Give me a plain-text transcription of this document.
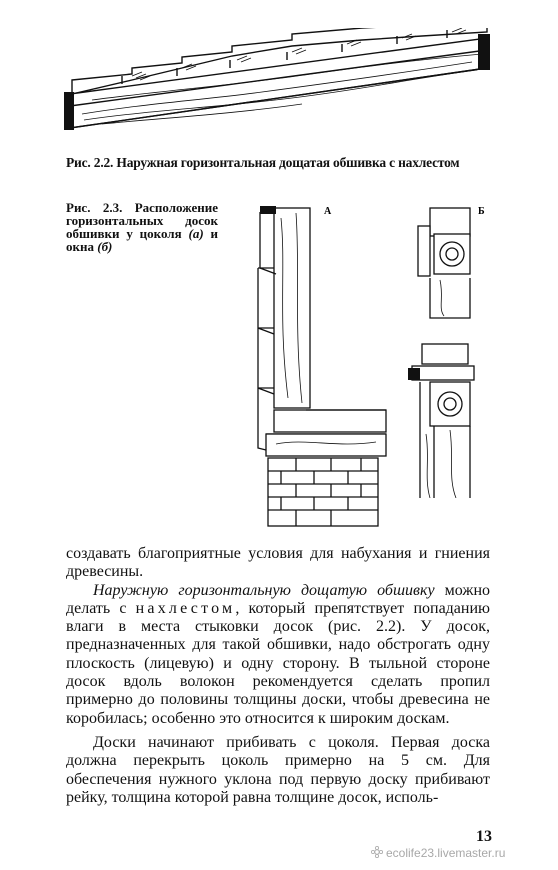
Рис. 2.2. Наружная горизонтальная дощатая обшивка с нахлестом
Рис. 2.3. Расположение горизонтальных досок обшивки у цоколя (а) и окна (б)
А	Б

создавать благоприятные условия для набухания и гниения древесины.

Наружную горизонтальную дощатую обшивку можно делать с нахлестом, который препятствует попаданию влаги в места стыковки досок (рис. 2.2). У досок, предназначенных для такой обшивки, надо обстрогать одну плоскость (лицевую) и одну сторону. В тыльной стороне досок вдоль волокон рекомендуется сделать пропил примерно до половины толщины доски, чтобы древесина не коробилась; особенно это относится к широким доскам.

Доски начинают прибивать с цоколя. Первая доска должна перекрыть цоколь примерно на 5 см. Для обеспечения нужного уклона под первую доску прибивают рейку, толщина которой равна толщине досок, исполь-

13
ecolife23.livemaster.ru
